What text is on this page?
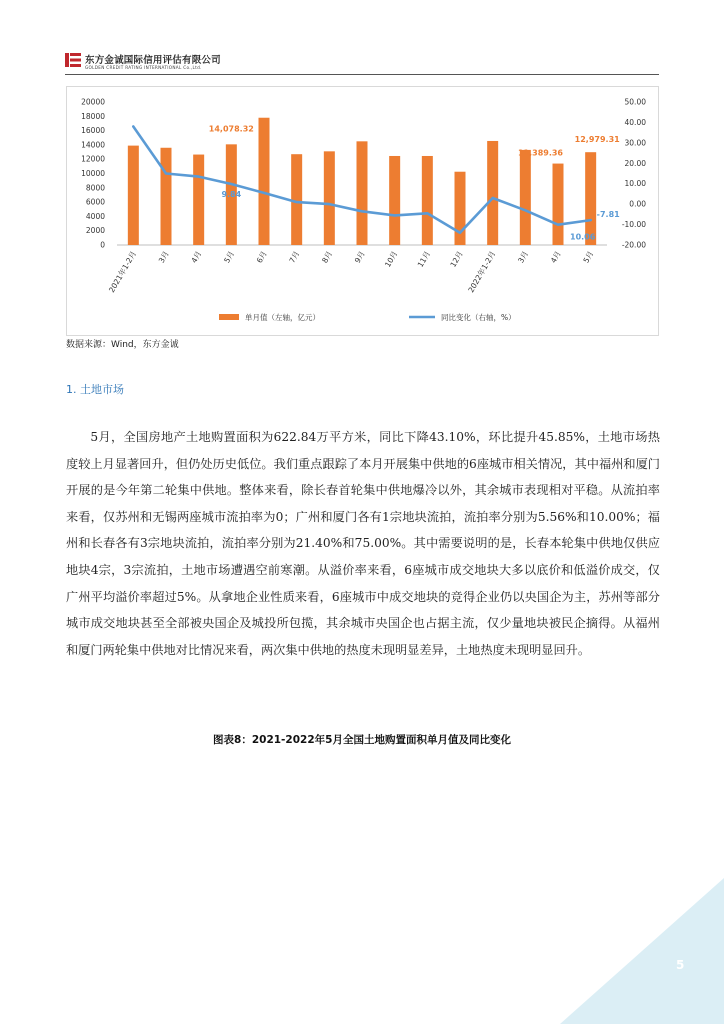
东方金诚国际信用评估有限公司
GOLDEN CREDIT RATING INTERNATIONAL Co.,Ltd.
0
2000
4000
6000
8000
10000
12000
14000
16000
18000
20000
-20.00
-10.00
0.00
10.00
20.00
30.00
40.00
50.00
14,078.32
9.84
11,389.36
12,979.31
10.06
-7.81
2021年1-2月 3月 4月 5月 6月 7月 8月 9月 10月 11月 12月 2022年1-2月 3月 4月 5月
单月值（左轴，亿元）	同比变化（右轴，%）
数据来源：Wind，东方金诚
1. 土地市场

5月，全国房地产土地购置面积为622.84万平方米，同比下降43.10%，环比提升45.85%，土地市场热度较上月显著回升，但仍处历史低位。我们重点跟踪了本月开展集中供地的6座城市相关情况，其中福州和厦门开展的是今年第二轮集中供地。整体来看，除长春首轮集中供地爆冷以外，其余城市表现相对平稳。从流拍率来看，仅苏州和无锡两座城市流拍率为0；广州和厦门各有1宗地块流拍，流拍率分别为5.56%和10.00%；福州和长春各有3宗地块流拍，流拍率分别为21.40%和75.00%。其中需要说明的是，长春本轮集中供地仅供应地块4宗，3宗流拍，土地市场遭遇空前寒潮。从溢价率来看，6座城市成交地块大多以底价和低溢价成交，仅广州平均溢价率超过5%。从拿地企业性质来看，6座城市中成交地块的竞得企业仍以央国企为主，苏州等部分城市成交地块甚至全部被央国企及城投所包揽，其余城市央国企也占据主流，仅少量地块被民企摘得。从福州和厦门两轮集中供地对比情况来看，两次集中供地的热度未现明显差异，土地热度未现明显回升。

图表8：2021-2022年5月全国土地购置面积单月值及同比变化
5
